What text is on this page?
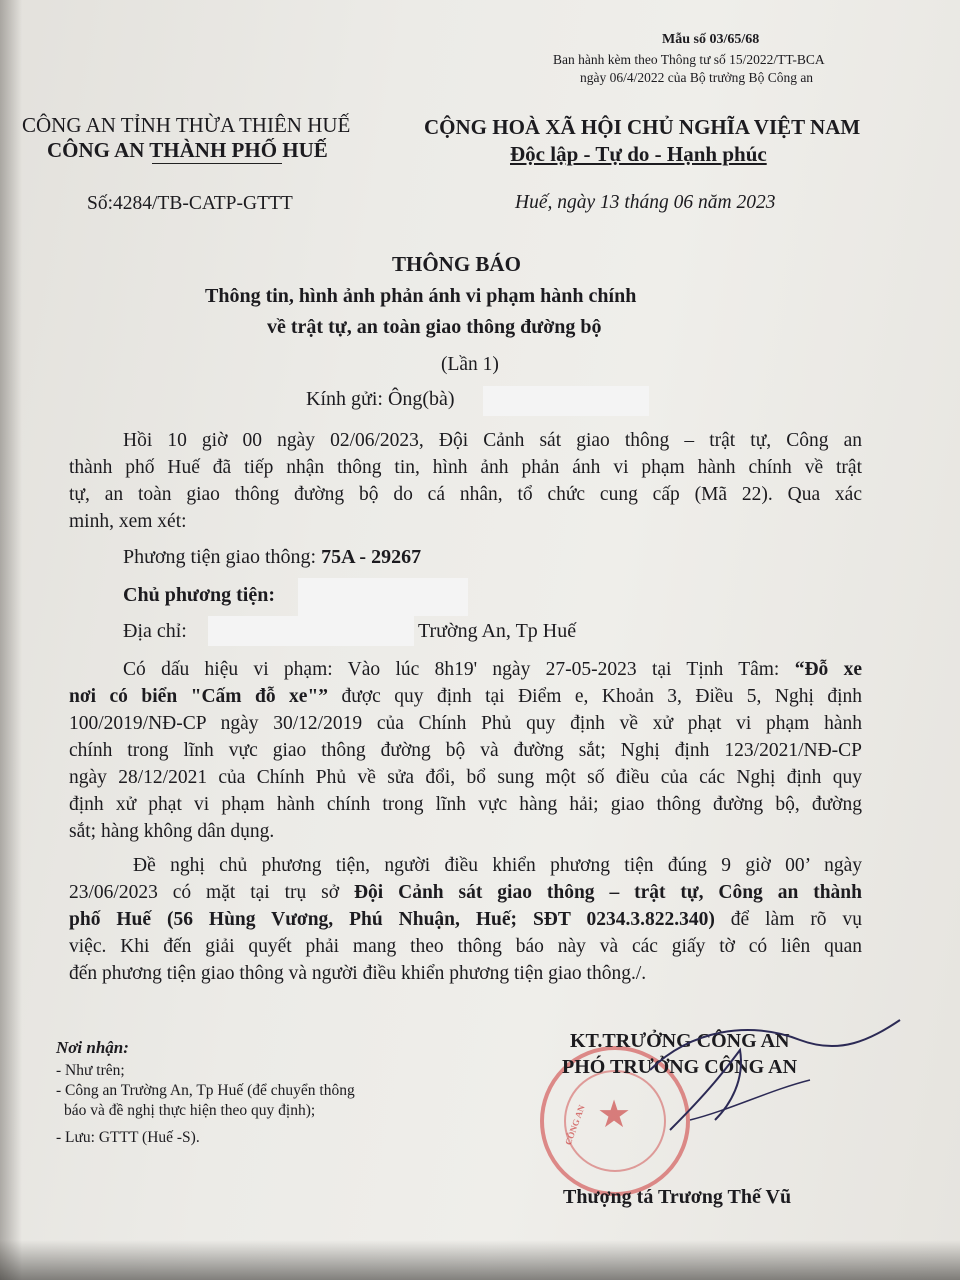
Mẫu số 03/65/68
Ban hành kèm theo Thông tư số 15/2022/TT-BCA
ngày 06/4/2022 của Bộ trưởng Bộ Công an
CÔNG AN TỈNH THỪA THIÊN HUẾ
CÔNG AN THÀNH PHỐ HUẾ
Số:4284/TB-CATP-GTTT
CỘNG HOÀ XÃ HỘI CHỦ NGHĨA VIỆT NAM
Độc lập - Tự do - Hạnh phúc
Huế, ngày 13 tháng 06 năm 2023
THÔNG BÁO
Thông tin, hình ảnh phản ánh vi phạm hành chính
về trật tự, an toàn giao thông đường bộ
(Lần 1)
Kính gửi: Ông(bà)
Hồi 10 giờ 00 ngày 02/06/2023, Đội Cảnh sát giao thông – trật tự, Công an
thành phố Huế đã tiếp nhận thông tin, hình ảnh phản ánh vi phạm hành chính về trật
tự, an toàn giao thông đường bộ do cá nhân, tổ chức cung cấp (Mã 22). Qua xác
minh, xem xét:
Phương tiện giao thông: 75A - 29267
Chủ phương tiện:
Địa chỉ:	Trường An, Tp Huế
Có dấu hiệu vi phạm: Vào lúc 8h19' ngày 27-05-2023 tại Tịnh Tâm: “Đỗ xe
nơi có biển "Cấm đỗ xe"” được quy định tại Điểm e, Khoản 3, Điều 5, Nghị định
100/2019/NĐ-CP ngày 30/12/2019 của Chính Phủ quy định về xử phạt vi phạm hành
chính trong lĩnh vực giao thông đường bộ và đường sắt; Nghị định 123/2021/NĐ-CP
ngày 28/12/2021 của Chính Phủ về sửa đổi, bổ sung một số điều của các Nghị định quy
định xử phạt vi phạm hành chính trong lĩnh vực hàng hải; giao thông đường bộ, đường
sắt; hàng không dân dụng.
Đề nghị chủ phương tiện, người điều khiển phương tiện đúng 9 giờ 00’ ngày
23/06/2023 có mặt tại trụ sở Đội Cảnh sát giao thông – trật tự, Công an thành
phố Huế (56 Hùng Vương, Phú Nhuận, Huế; SĐT 0234.3.822.340) để làm rõ vụ
việc. Khi đến giải quyết phải mang theo thông báo này và các giấy tờ có liên quan
đến phương tiện giao thông và người điều khiển phương tiện giao thông./.
Nơi nhận:
- Như trên;
- Công an Trường An, Tp Huế (để chuyển thông
báo và đề nghị thực hiện theo quy định);
- Lưu: GTTT (Huế -S).
★
CÔNG AN
KT.TRƯỞNG CÔNG AN
PHÓ TRƯỞNG CÔNG AN
Thượng tá Trương Thế Vũ
